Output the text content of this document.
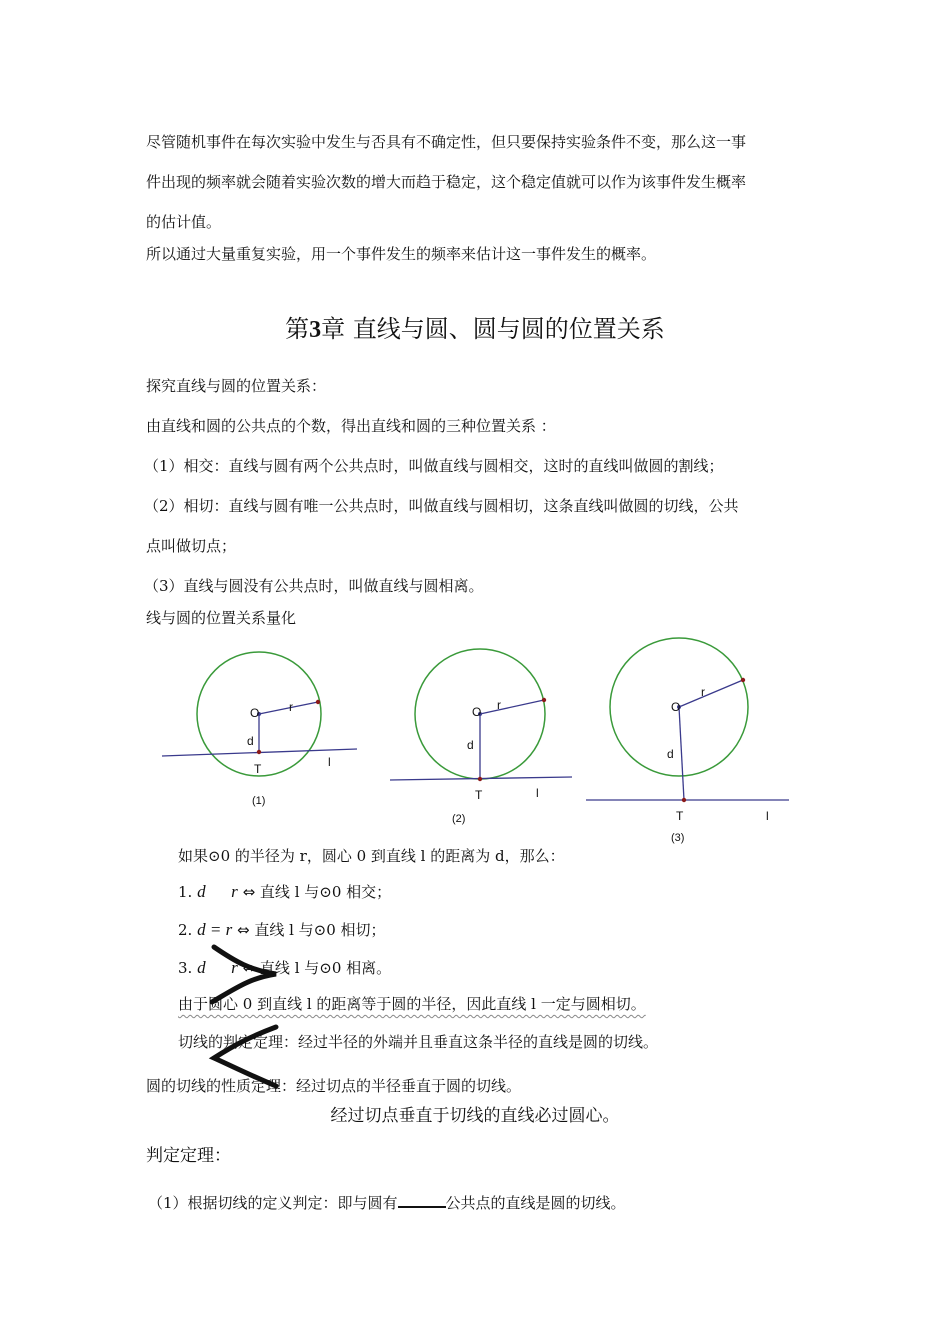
尽管随机事件在每次实验中发生与否具有不确定性，但只要保持实验条件不变，那么这一事
件出现的频率就会随着实验次数的增大而趋于稳定，这个稳定值就可以作为该事件发生概率
的估计值。
所以通过大量重复实验，用一个事件发生的频率来估计这一事件发生的概率。
第3章 直线与圆、圆与圆的位置关系
探究直线与圆的位置关系：
由直线和圆的公共点的个数，得出直线和圆的三种位置关系 ：
（1）相交：直线与圆有两个公共点时，叫做直线与圆相交，这时的直线叫做圆的割线；
（2）相切：直线与圆有唯一公共点时，叫做直线与圆相切，这条直线叫做圆的切线，公共
点叫做切点；
（3）直线与圆没有公共点时，叫做直线与圆相离。
线与圆的位置关系量化
O r
d
T	l
(1)
O r
d
T	l
(2)
O
r
d
T	l
(3)
如果⊙0 的半径为 r，圆心 0 到直线 l 的距离为 d，那么：
1. d r ⇔ 直线 l 与⊙0 相交；
2. d = r ⇔ 直线 l 与⊙0 相切；
3. d r ⇔ 直线 l 与⊙0 相离。
由于圆心 0 到直线 l 的距离等于圆的半径，因此直线 l 一定与圆相切。
切线的判定定理：经过半径的外端并且垂直这条半径的直线是圆的切线。
圆的切线的性质定理：经过切点的半径垂直于圆的切线。
经过切点垂直于切线的直线必过圆心。
判定定理：
（1）根据切线的定义判定：即与圆有	公共点的直线是圆的切线。
